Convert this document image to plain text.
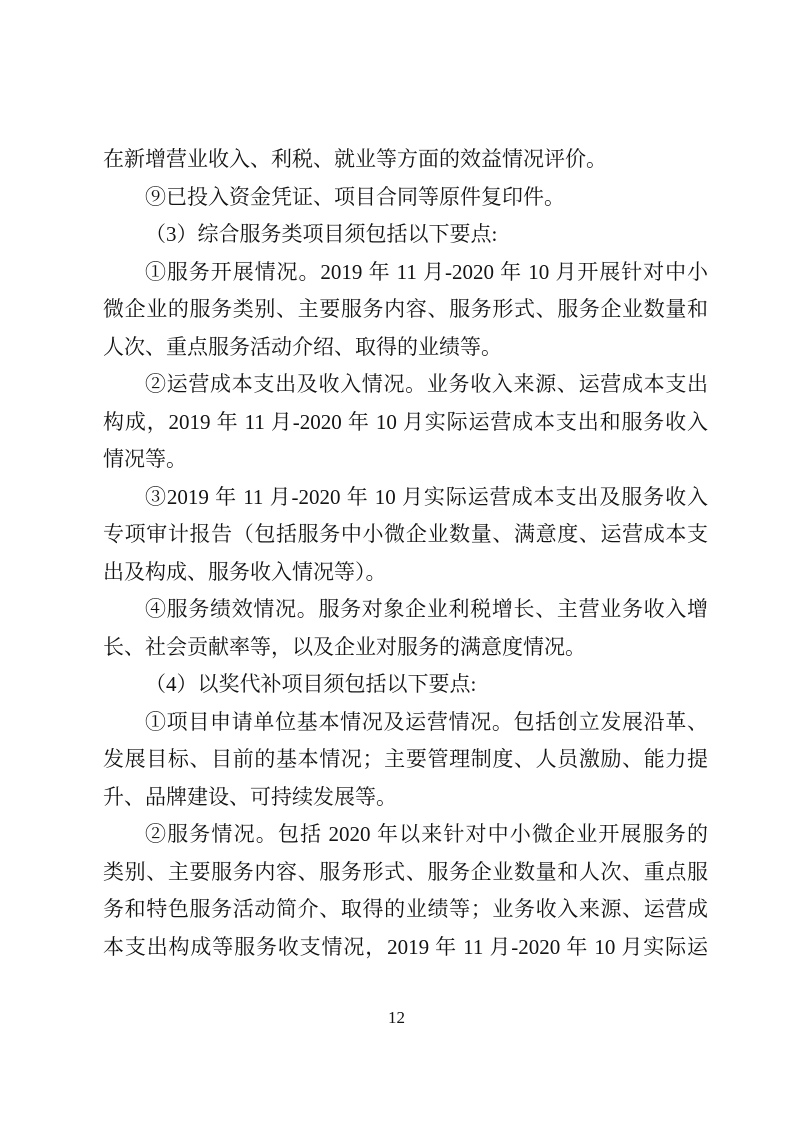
在新增营业收入、利税、就业等方面的效益情况评价。
⑨已投入资金凭证、项目合同等原件复印件。
（3）综合服务类项目须包括以下要点:
①服务开展情况。2019 年 11 月-2020 年 10 月开展针对中小
微企业的服务类别、主要服务内容、服务形式、服务企业数量和
人次、重点服务活动介绍、取得的业绩等。
②运营成本支出及收入情况。业务收入来源、运营成本支出
构成，2019 年 11 月-2020 年 10 月实际运营成本支出和服务收入
情况等。
③2019 年 11 月-2020 年 10 月实际运营成本支出及服务收入
专项审计报告（包括服务中小微企业数量、满意度、运营成本支
出及构成、服务收入情况等）。
④服务绩效情况。服务对象企业利税增长、主营业务收入增
长、社会贡献率等，以及企业对服务的满意度情况。
（4）以奖代补项目须包括以下要点:
①项目申请单位基本情况及运营情况。包括创立发展沿革、
发展目标、目前的基本情况；主要管理制度、人员激励、能力提
升、品牌建设、可持续发展等。
②服务情况。包括 2020 年以来针对中小微企业开展服务的
类别、主要服务内容、服务形式、服务企业数量和人次、重点服
务和特色服务活动简介、取得的业绩等；业务收入来源、运营成
本支出构成等服务收支情况，2019 年 11 月-2020 年 10 月实际运
12
